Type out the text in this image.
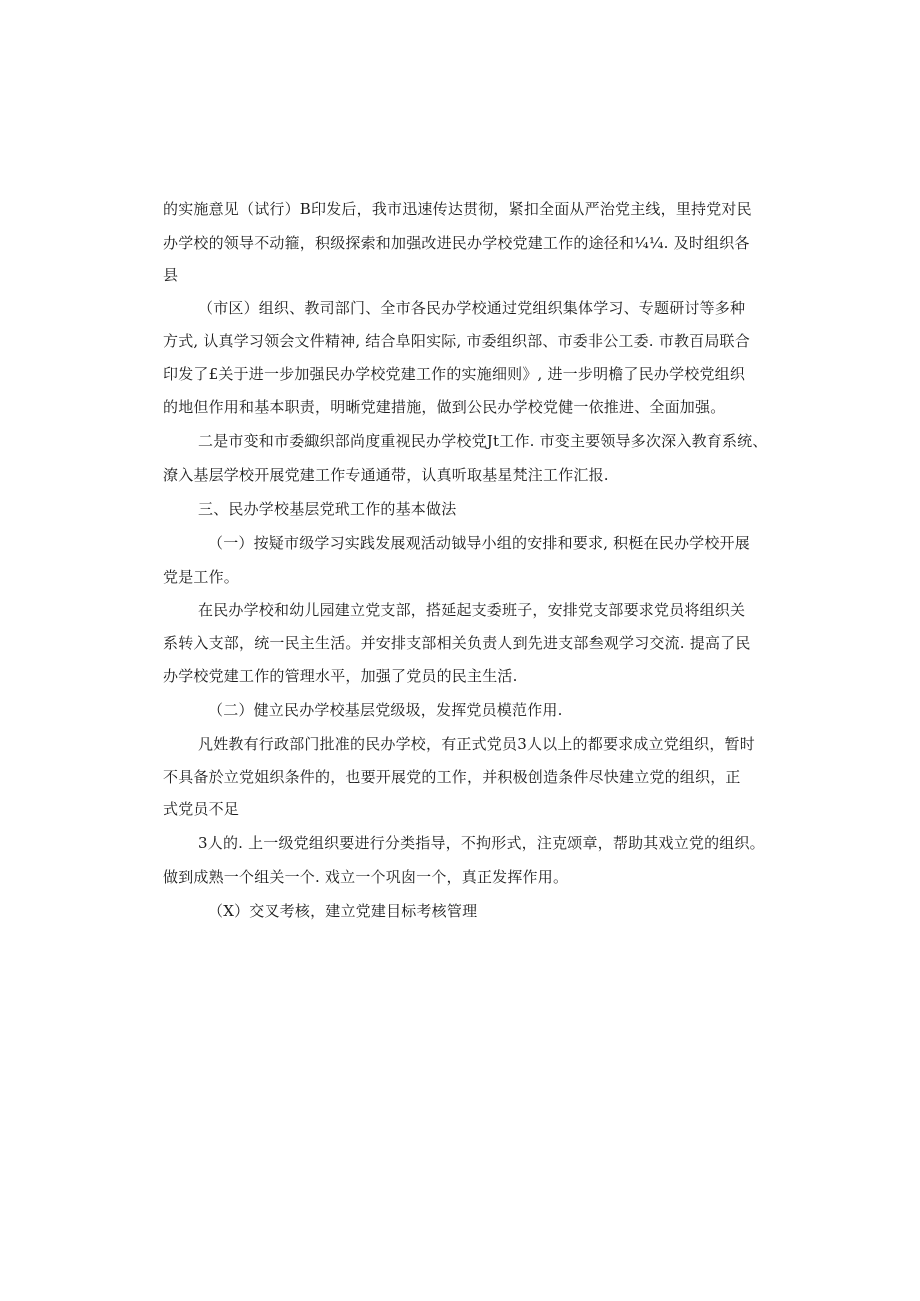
的实施意见（试行）B印发后，我市迅速传达贯彻，紧扣全面从严治党主线，里持党对民
办学校的领导不动箍，积级探索和加强改进民办学校党建工作的途径和¼¼. 及时组织各
县
（市区）组织、教司部门、全市各民办学校通过党组织集体学习、专题研讨等多种
方式, 认真学习领会文件精神, 结合阜阳实际, 市委组织部、市委非公工委. 市教百局联合
印发了£关于进一步加强民办学校党建工作的实施细则》, 进一步明檐了民办学校党组织
的地但作用和基本职责，明晰党建措施，做到公民办学校党健一依推进、全面加强。
二是市变和市委緅织部尚度重视民办学校党Jt工作. 市变主要领导多次深入教育系统、
潦入基层学校开展党建工作专通通带，认真听取基星梵注工作汇报.
三、民办学校基层党玳工作的基本做法
（一）按疑市级学习实践发展观活动钺导小组的安排和要求, 积梃在民办学校开展
党是工作。
在民办学校和幼儿园建立党支部，搭延起支委班子，安排党支部要求党员将组织关
系转入支部，统一民主生活。并安排支部相关负责人到先进支部叁观学习交流. 提高了民
办学校党建工作的管理水平，加强了党员的民主生活.
（二）健立民办学校基层党级圾，发挥党员模范作用.
凡姓教有行政部门批准的民办学校，有正式党员3人以上的都要求成立党组织，暂时
不具备於立党姐织条件的，也要开展党的工作，并积极创造条件尽快建立党的组织，正
式党员不足
3人的. 上一级党组织要进行分类指导，不拘形式，注克颂章，帮助其戏立党的组织。
做到成熟一个组关一个. 戏立一个巩囱一个，真正发挥作用。
（X）交叉考核，建立党建目标考核管理
